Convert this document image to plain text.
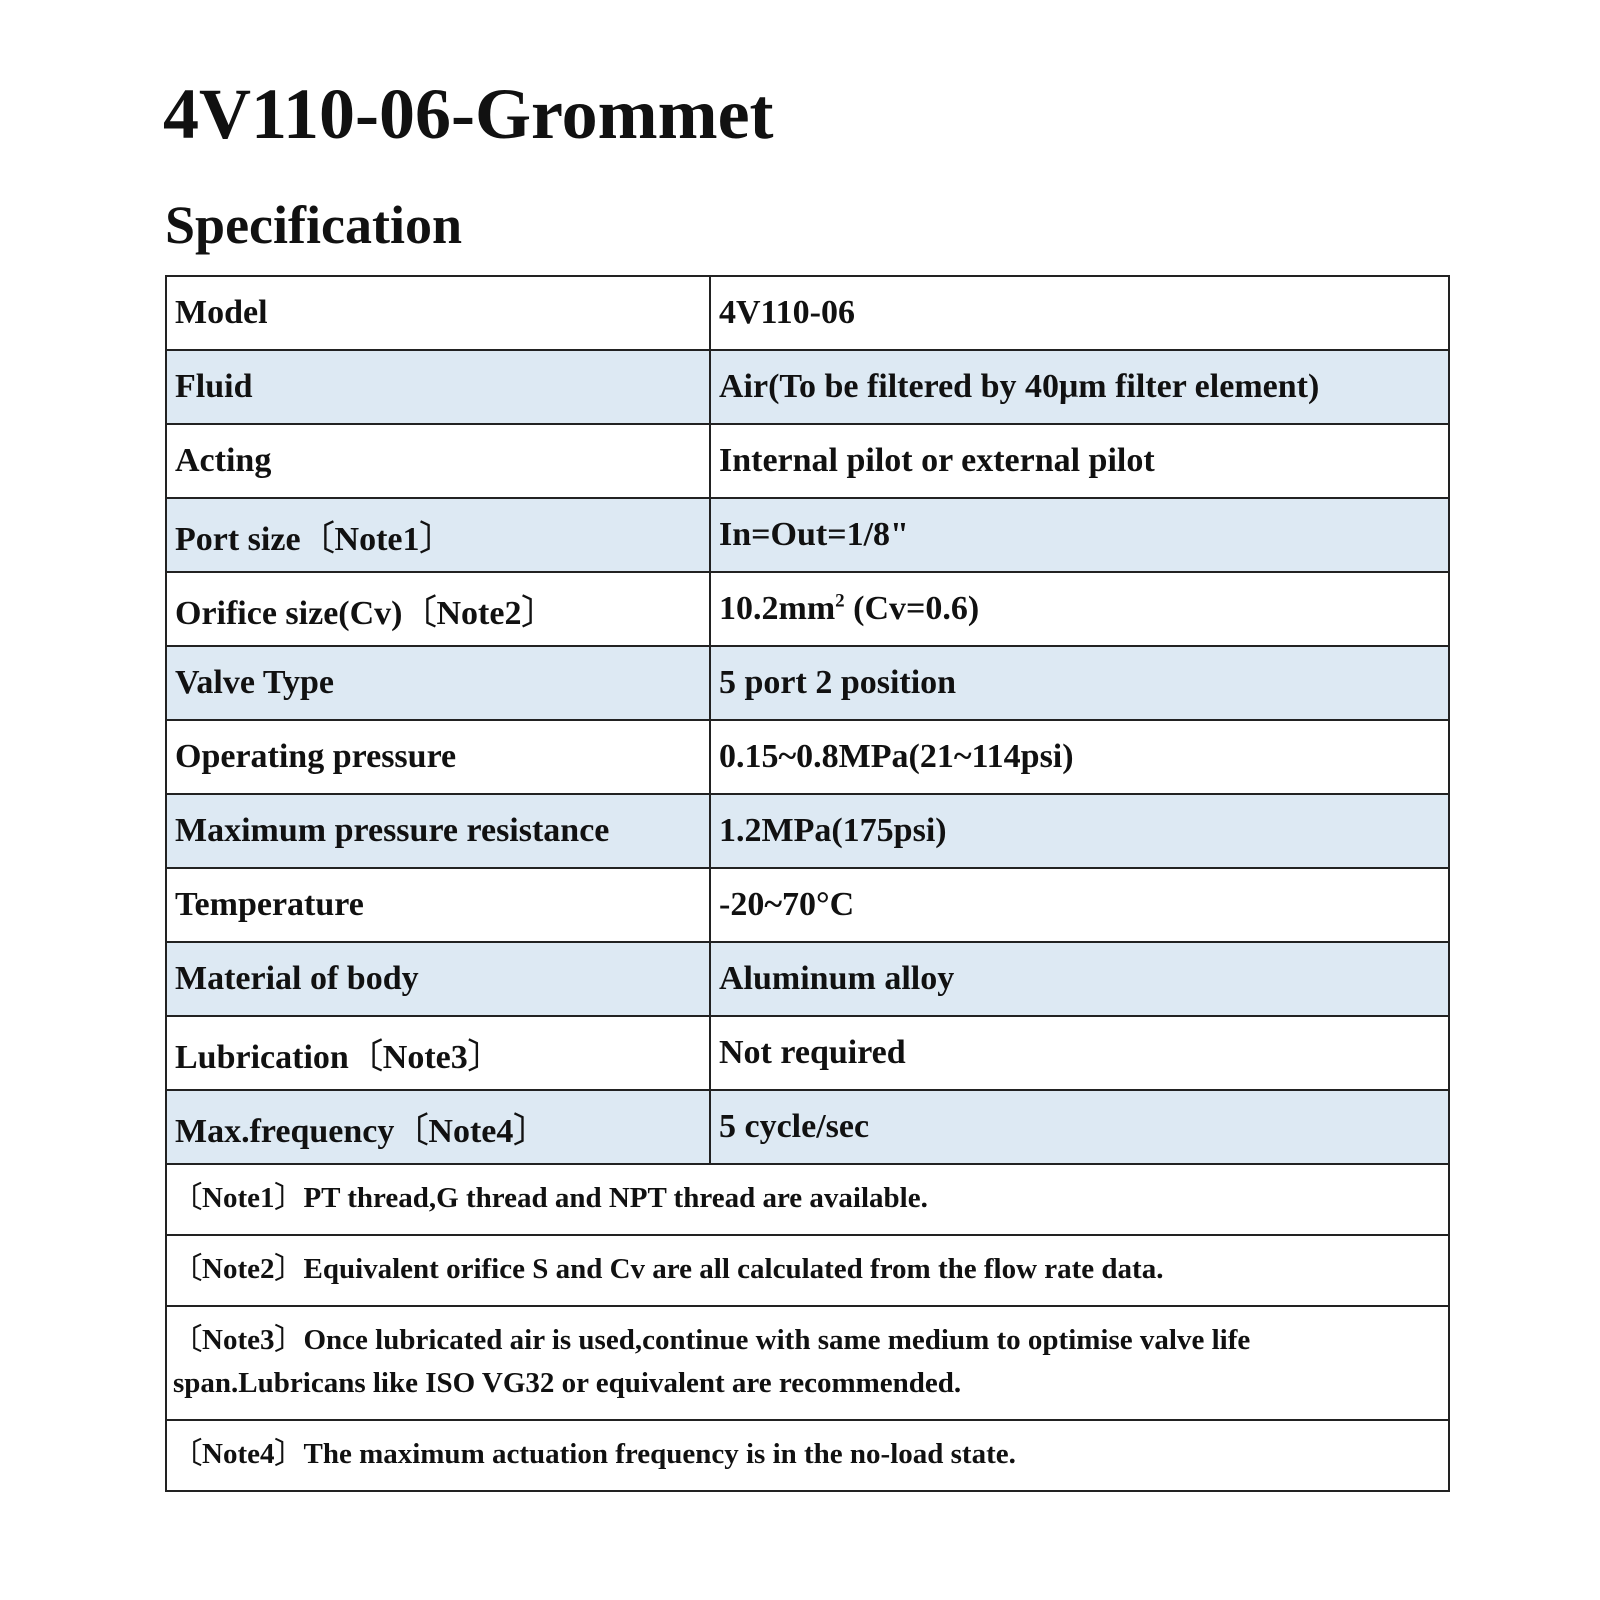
4V110-06-Grommet
Specification
Model	4V110-06
Fluid	Air(To be filtered by 40μm filter element)
Acting	Internal pilot or external pilot
Port size〔Note1〕	In=Out=1/8"
Orifice size(Cv)〔Note2〕	$10.2mm^2$ (Cv=0.6)
Valve Type	5 port 2 position
Operating pressure	0.15~0.8MPa(21~114psi)
Maximum pressure resistance	1.2MPa(175psi)
Temperature	-20~70°C
Material of body	Aluminum alloy
Lubrication〔Note3〕	Not required
Max.frequency〔Note4〕	5 cycle/sec
〔Note1〕PT thread,G thread and NPT thread are available.	
〔Note2〕Equivalent orifice S and Cv are all calculated from the flow rate data.	
〔Note3〕Once lubricated air is used,continue with same medium to optimise valve life span.Lubricans like ISO VG32 or equivalent are recommended.	
〔Note4〕The maximum actuation frequency is in the no-load state.	
